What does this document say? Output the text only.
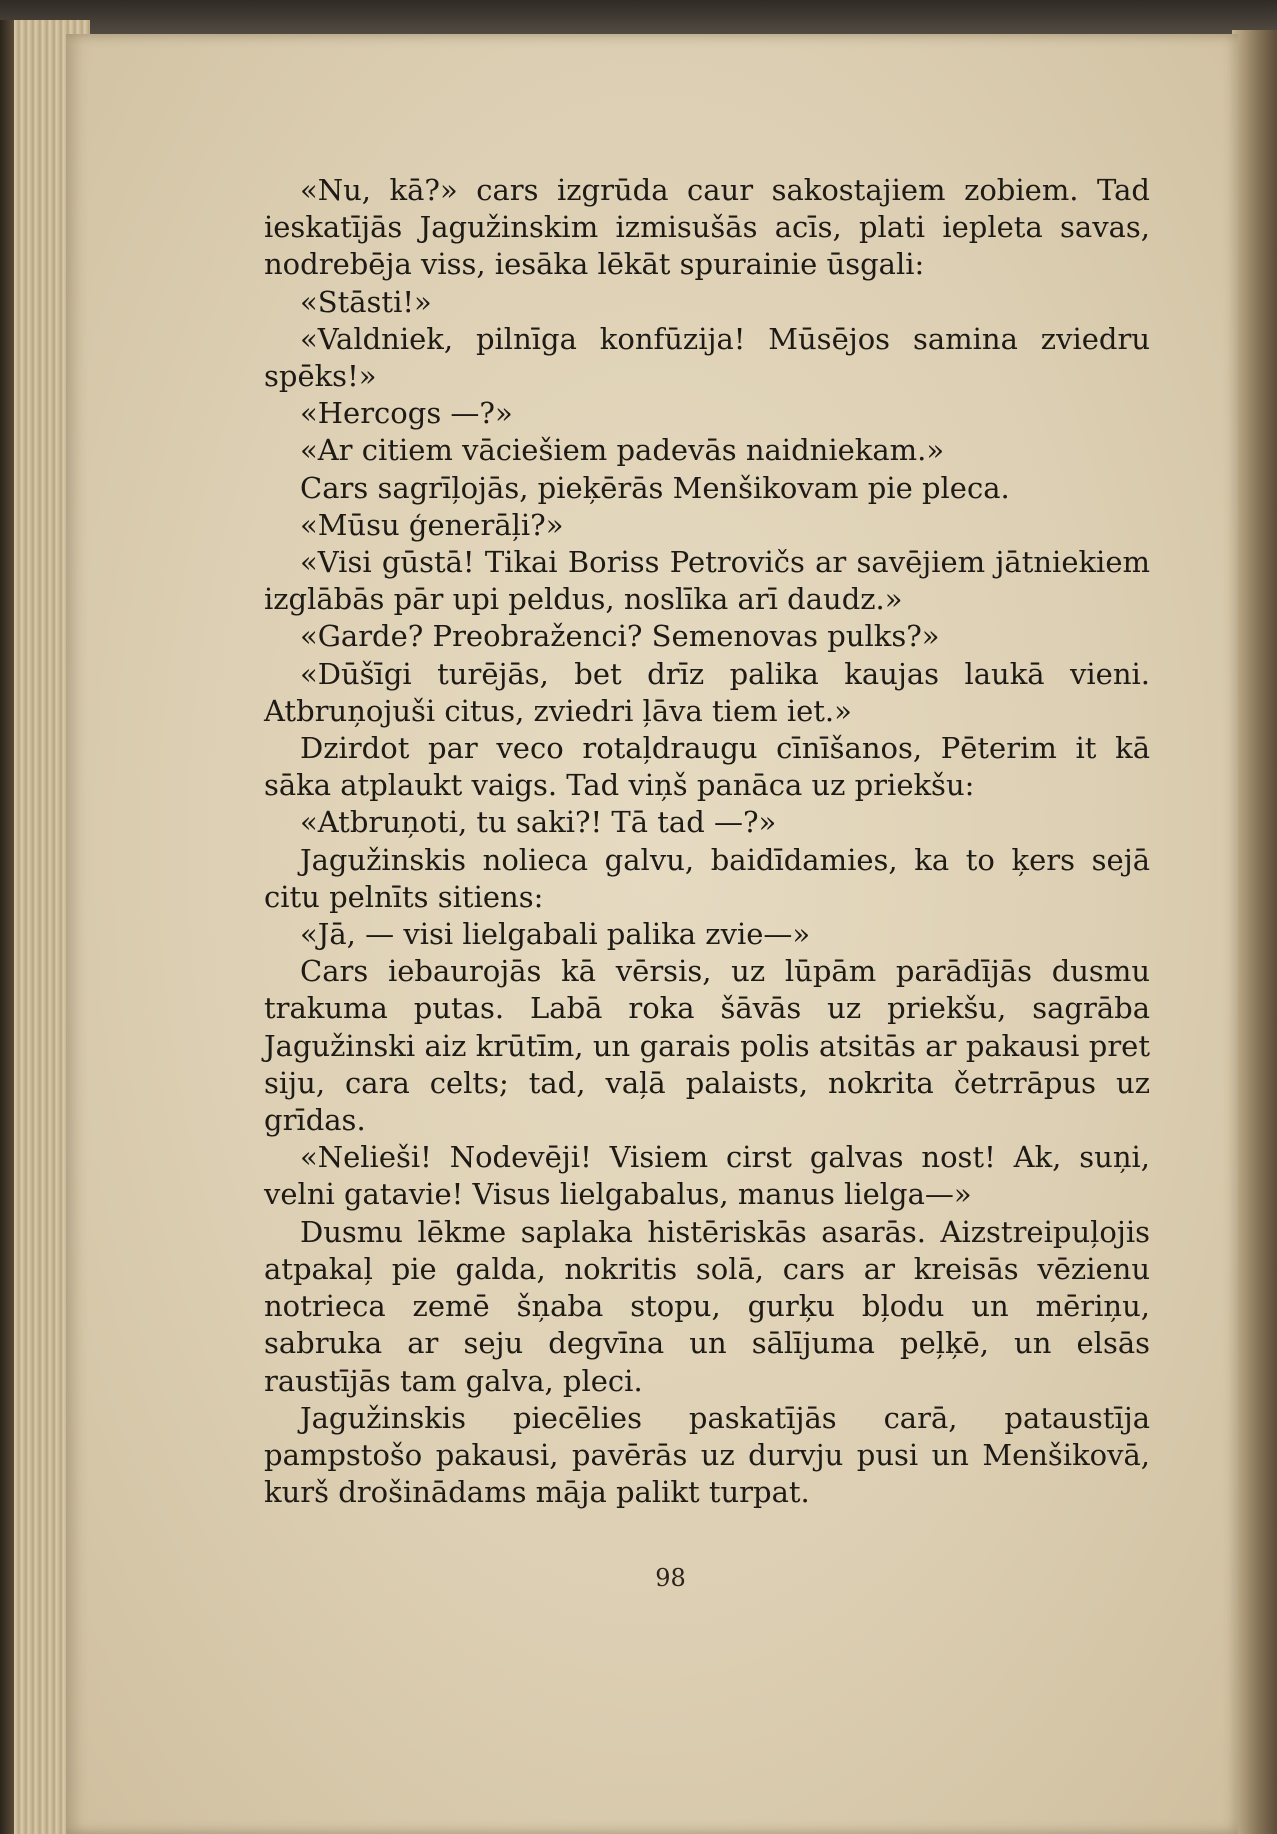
«Nu, kā?» cars izgrūda caur sakostajiem zobiem. Tad ieskatījās Jagužinskim izmisušās acīs, plati iepleta savas, nodrebēja viss, iesāka lēkāt spurainie ūsgali:

«Stāsti!»

«Valdniek, pilnīga konfūzija! Mūsējos samina zviedru spēks!»

«Hercogs —?»

«Ar citiem vāciešiem padevās naidniekam.»

Cars sagrīļojās, pieķērās Menšikovam pie pleca.

«Mūsu ģenerāļi?»

«Visi gūstā! Tikai Boriss Petrovičs ar savējiem jātniekiem izglābās pār upi peldus, noslīka arī daudz.»

«Garde? Preobraženci? Semenovas pulks?»

«Dūšīgi turējās, bet drīz palika kaujas laukā vieni. Atbruņojuši citus, zviedri ļāva tiem iet.»

Dzirdot par veco rotaļdraugu cīnīšanos, Pēterim it kā sāka atplaukt vaigs. Tad viņš panāca uz priekšu:

«Atbruņoti, tu saki?! Tā tad —?»

Jagužinskis nolieca galvu, baidīdamies, ka to ķers sejā citu pelnīts sitiens:

«Jā, — visi lielgabali palika zvie—»

Cars iebaurojās kā vērsis, uz lūpām parādījās dusmu trakuma putas. Labā roka šāvās uz priekšu, sagrāba Jagužinski aiz krūtīm, un garais polis atsitās ar pakausi pret siju, cara celts; tad, vaļā palaists, nokrita četrrāpus uz grīdas.

«Nelieši! Nodevēji! Visiem cirst galvas nost! Ak, suņi, velni gatavie! Visus lielgabalus, manus lielga—»

Dusmu lēkme saplaka histēriskās asarās. Aizstreipuļojis atpakaļ pie galda, nokritis solā, cars ar kreisās vēzienu notrieca zemē šņaba stopu, gurķu bļodu un mēriņu, sabruka ar seju degvīna un sālījuma peļķē, un elsās raustījās tam galva, pleci.

Jagužinskis piecēlies paskatījās carā, pataustīja pampstošo pakausi, pavērās uz durvju pusi un Menšikovā, kurš drošinādams māja palikt turpat.

98
